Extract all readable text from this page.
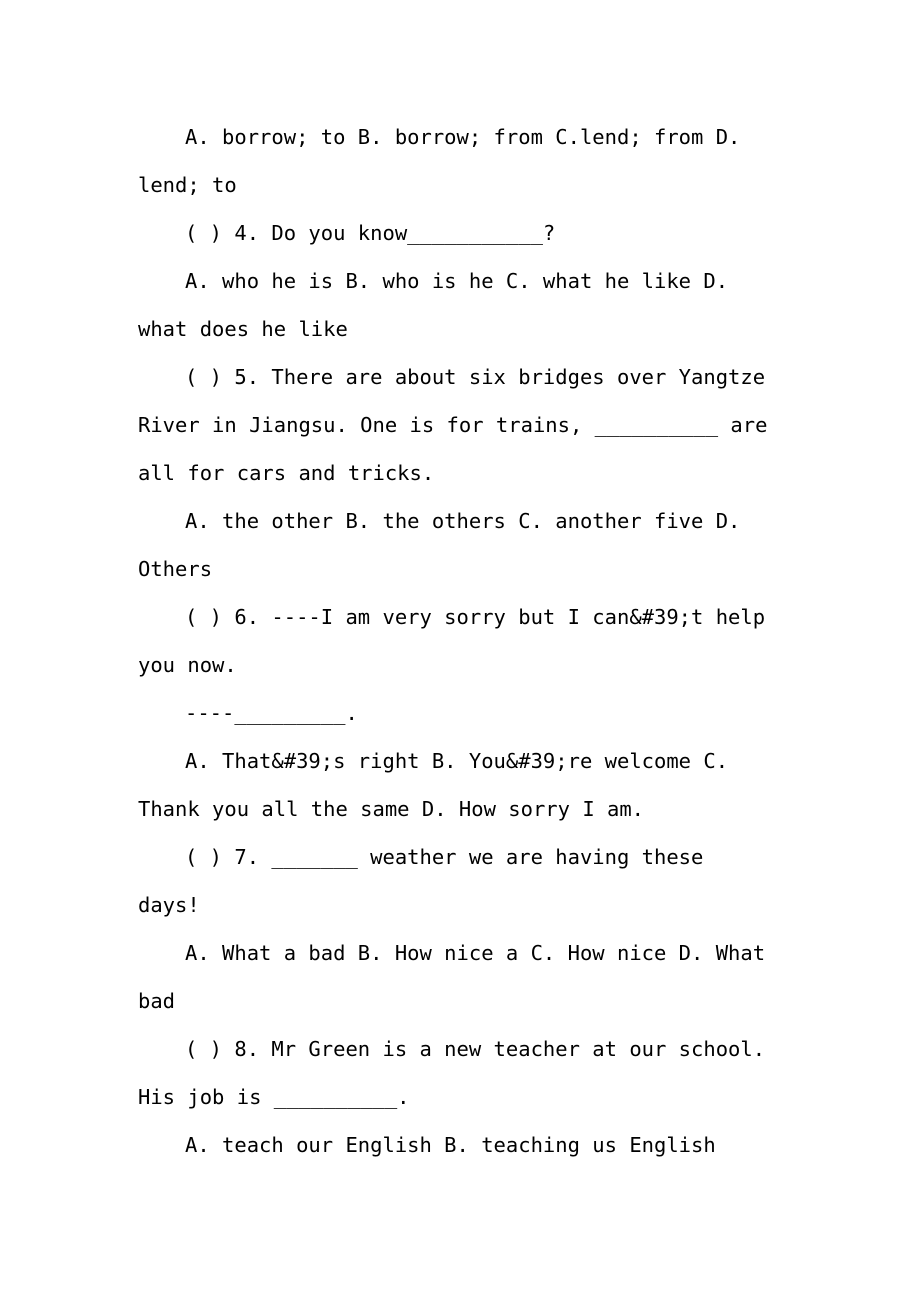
A. borrow; to B. borrow; from C.lend; from D.
lend; to
( ) 4. Do you know___________?
A. who he is B. who is he C. what he like D.
what does he like
( ) 5. There are about six bridges over Yangtze
River in Jiangsu. One is for trains, __________ are
all for cars and tricks.
A. the other B. the others C. another five D.
Others
( ) 6. ----I am very sorry but I can&#39;t help
you now.
----_________.
A. That&#39;s right B. You&#39;re welcome C.
Thank you all the same D. How sorry I am.
( ) 7. _______ weather we are having these
days!
A. What a bad B. How nice a C. How nice D. What
bad
( ) 8. Mr Green is a new teacher at our school.
His job is __________.
A. teach our English B. teaching us English
